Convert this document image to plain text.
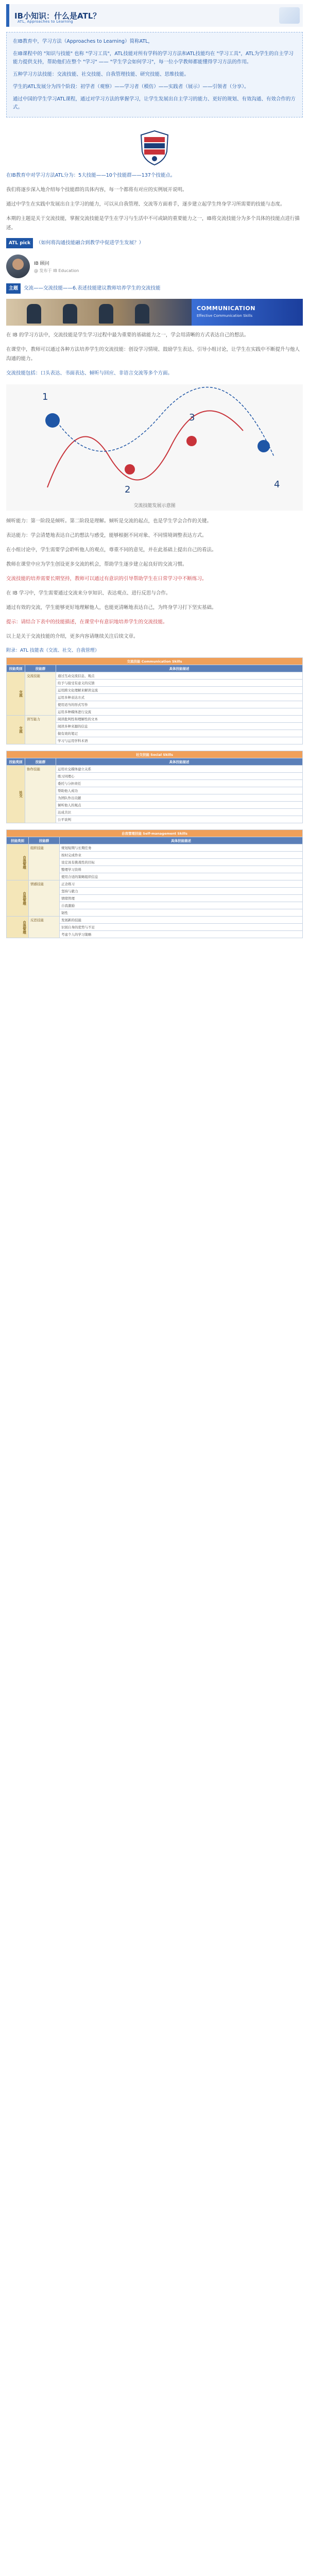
IB小知识：什么是ATL？
ATL, Approaches to Learning

在IB教育中，学习方法（Approaches to Learning）简称ATL，

在IB课程中的 "知识与技能" 也称 "学习工具"，ATL技能对所有学科的学习方法和ATL技能均在 "学习工具"，ATL为学生的自主学习能力提供支持，帮助他们在整个 "学习" —— "学生学会如何学习"，每一位小学教师都能懂得学习方法的作用。

五种学习方法技能：交流技能、社交技能、自我管理技能、研究技能、思维技能。

学生的ATL发展分为四个阶段：初学者（观察）——学习者（模仿）——实践者（展示）——引领者（分享）。

通过中国的学生学习ATL课程，通过对学习方法的掌握学习，让学生发展出自主学习的能力、更好的规划、有效沟通、有效合作的方式。

在IB教育中对学习方法ATL分为：5大技能——10个技能群——137个技能点。

我们将逐步深入地介绍每个技能群的具体内容，每一个都将有对应的实例展开说明。

通过中学生在实践中发展出自主学习的能力，可以从自我管理、交流等方面着手，逐步建立起学生终身学习所需要的技能与态度。

本期的主题是关于交流技能，掌握交流技能是学生在学习与生活中不可或缺的重要能力之一，IB将交流技能分为多个具体的技能点进行描述。

ATL pick （如何将沟通技能融合到教学中促进学生发展？）

IB 顾问
@ 发布于 IB Education

主题 交流——交流技能——6.表述技能建议教师培养学生的交流技能

COMMUNICATION
Effective Communication Skills

在 IB 的学习方法中，交流技能是学生学习过程中最为重要的基础能力之一，学会用清晰的方式表达自己的想法。

在课堂中，教师可以通过各种方法培养学生的交流技能：创设学习情境、鼓励学生表达、引导小组讨论，让学生在实践中不断提升与他人沟通的能力。

交流技能包括：口头表达、书面表达、倾听与回应、非语言交流等多个方面。

1
2
3
4
交流技能发展示意图

倾听能力：第一阶段是倾听。第二阶段是理解。倾听是交流的起点，也是学生学会合作的关键。

表达能力：学会清楚地表达自己的想法与感受，能够根据不同对象、不同情境调整表达方式。

在小组讨论中，学生需要学会聆听他人的观点，尊重不同的意见，并在此基础上提出自己的看法。

教师在课堂中应为学生创设更多交流的机会，帮助学生逐步建立起良好的交流习惯。

交流技能的培养需要长期坚持，教师可以通过有意识的引导帮助学生在日常学习中不断练习。

在 IB 学习中，学生需要通过交流来分享知识、表达观点、进行反思与合作。

通过有效的交流，学生能够更好地理解他人，也能更清晰地表达自己，为终身学习打下坚实基础。

提示：请结合下表中的技能描述，在课堂中有意识地培养学生的交流技能。

以上是关于交流技能的介绍，更多内容请继续关注后续文章。

附录：ATL 技能表（交流、社交、自我管理）
交流技能 Communication Skills		
技能类别	技能群	具体技能描述
交流	交流技能	通过互动交流信息、观点
		给予与接受有意义的反馈
		运用跨文化理解来解读交流
		运用多种表达方式
		使用适当的形式写作
		运用多种媒体进行交流
交流	读写能力	阅读批判性和理解性的文本
		阅读多种来源的信息
		做有效的笔记
		学习与运用学科术语
社交技能 Social Skills		
技能类别	技能群	具体技能描述
社交	协作技能	运用社交媒体建立关系
		练习同理心
		委托与分担责任
		帮助他人成功
		为团队作出贡献
		倾听他人的观点
		达成共识
		公平谈判
自我管理技能 Self-management Skills		
技能类别	技能群	具体技能描述
自我管理	组织技能	规划短期与长期任务
		按时完成作业
		设定具有挑战性的目标
		整理学习资料
		使用合适的策略组织信息
自我管理	情感技能	正念练习
		坚持与毅力
		情绪管理
		自我激励
		韧性
自我管理	反思技能	发展新的技能
		识别自身的优势与不足
		考虑个人的学习策略
